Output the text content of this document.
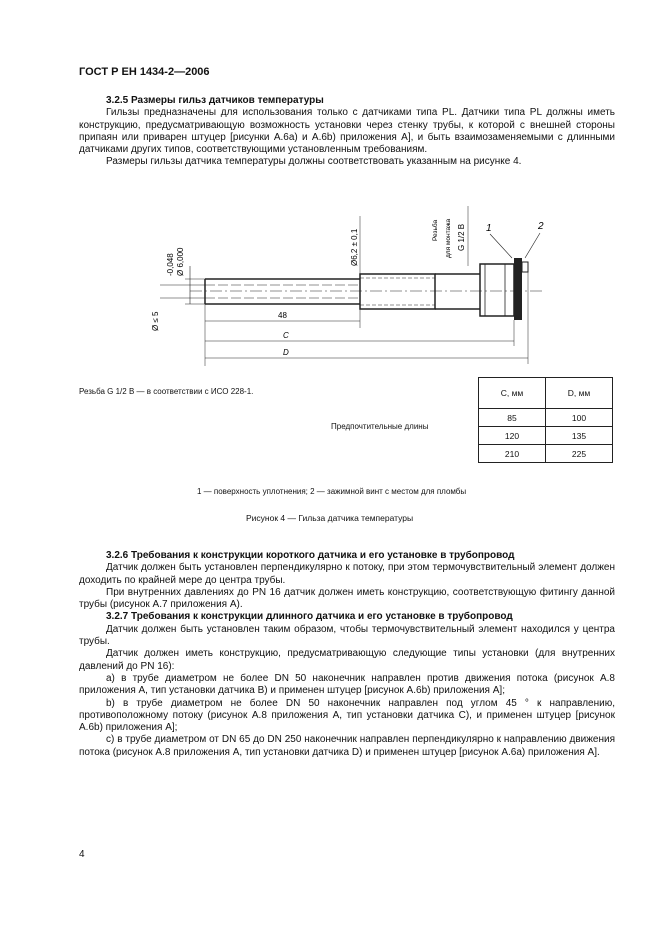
ГОСТ Р ЕН 1434-2—2006
3.2.5 Размеры гильз датчиков температуры
Гильзы предназначены для использования только с датчиками типа PL. Датчики типа PL должны иметь конструкцию, предусматривающую возможность установки через стенку трубы, к которой с внешней стороны припаян или приварен штуцер [рисунки А.6а) и А.6b) приложения А], и быть взаимозаменяемыми с длинными датчиками других типов, соответствующими установленным требованиям.
Размеры гильзы датчика температуры должны соответствовать указанным на рисунке 4.
-0,048 Ø 6,000
Ø ≤ 5
Ø6,2 ± 0,1	Резьба для монтажа G 1/2 B 1	2
48
C
D
Резьба G 1/2 B — в соответствии с ИСО 228-1.
Предпочтительные длины
C, мм	D, мм
85	100
120	135
210	225
1 — поверхность уплотнения; 2 — зажимной винт с местом для пломбы
Рисунок 4 — Гильза датчика температуры
3.2.6 Требования к конструкции короткого датчика и его установке в трубопровод
Датчик должен быть установлен перпендикулярно к потоку, при этом термочувствительный элемент должен доходить по крайней мере до центра трубы.
При внутренних давлениях до PN 16 датчик должен иметь конструкцию, соответствующую фитингу данной трубы (рисунок А.7 приложения А).
3.2.7 Требования к конструкции длинного датчика и его установке в трубопровод
Датчик должен быть установлен таким образом, чтобы термочувствительный элемент находился у центра трубы.
Датчик должен иметь конструкцию, предусматривающую следующие типы установки (для внутренних давлений до PN 16):
а) в трубе диаметром не более DN 50 наконечник направлен против движения потока (рисунок А.8 приложения А, тип установки датчика B) и применен штуцер [рисунок А.6b) приложения А];
b) в трубе диаметром не более DN 50 наконечник направлен под углом 45 ° к направлению, противоположному потоку (рисунок А.8 приложения А, тип установки датчика C), и применен штуцер [рисунок А.6b) приложения А];
с) в трубе диаметром от DN 65 до DN 250 наконечник направлен перпендикулярно к направлению движения потока (рисунок А.8 приложения А, тип установки датчика D) и применен штуцер [рисунок А.6а) приложения А].
4
